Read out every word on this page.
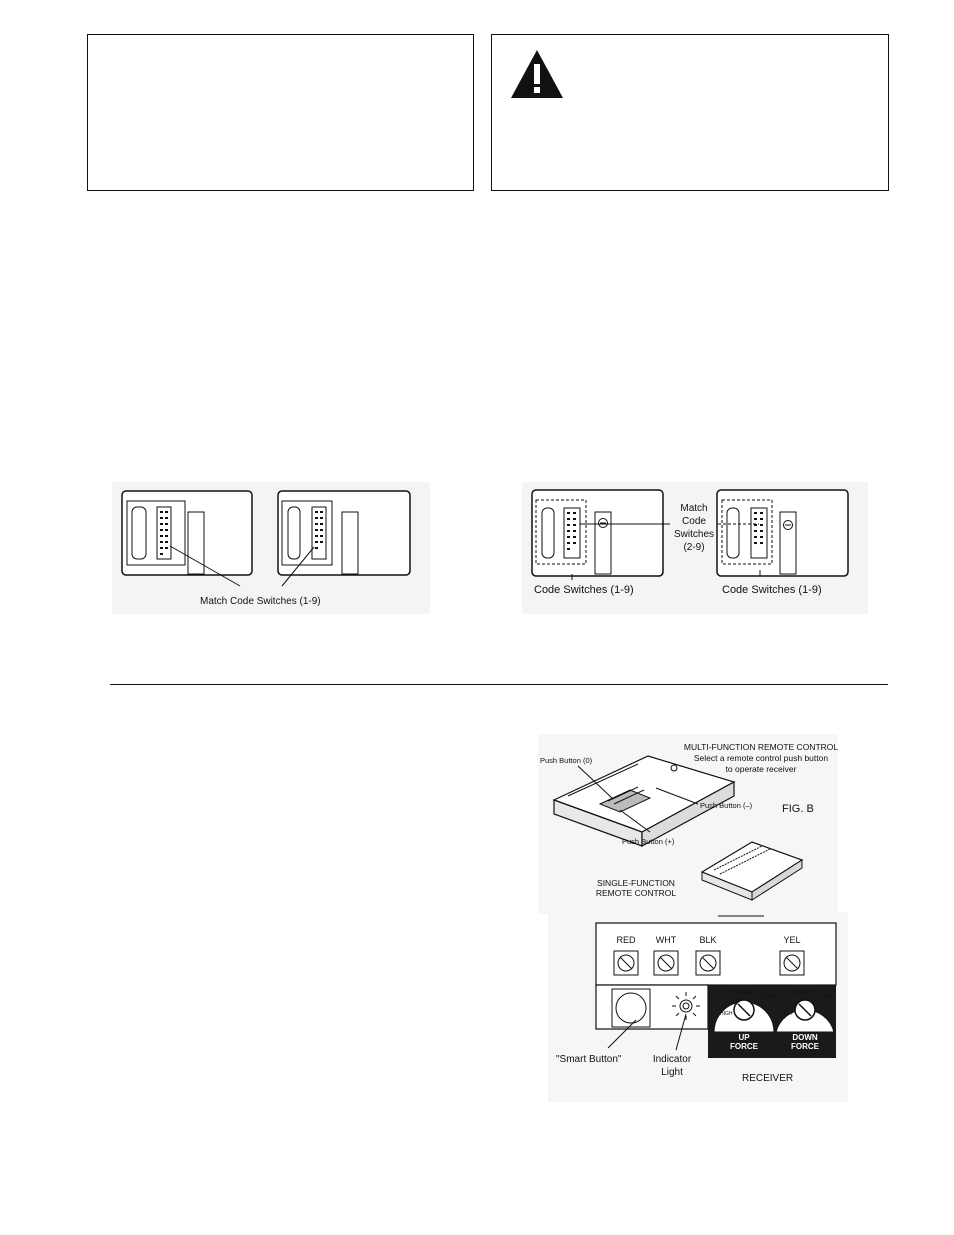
Match Code Switches (1-9)
Match
Code
Switches
(2-9)
Code Switches (1-9)	Code Switches (1-9)
MULTI-FUNCTION REMOTE CONTROL
Select a remote control push button
to operate receiver
Push Button (0)
Push Button (–)	FIG. B
Push Button (+)
SINGLE-FUNCTION
REMOTE CONTROL
RED WHT	BLK	YEL
HIGH
NORMAL
LOW
UP
FORCE
HIGH
NORMAL
LOW
DOWN
FORCE
"Smart Button"	Indicator
Light
RECEIVER
